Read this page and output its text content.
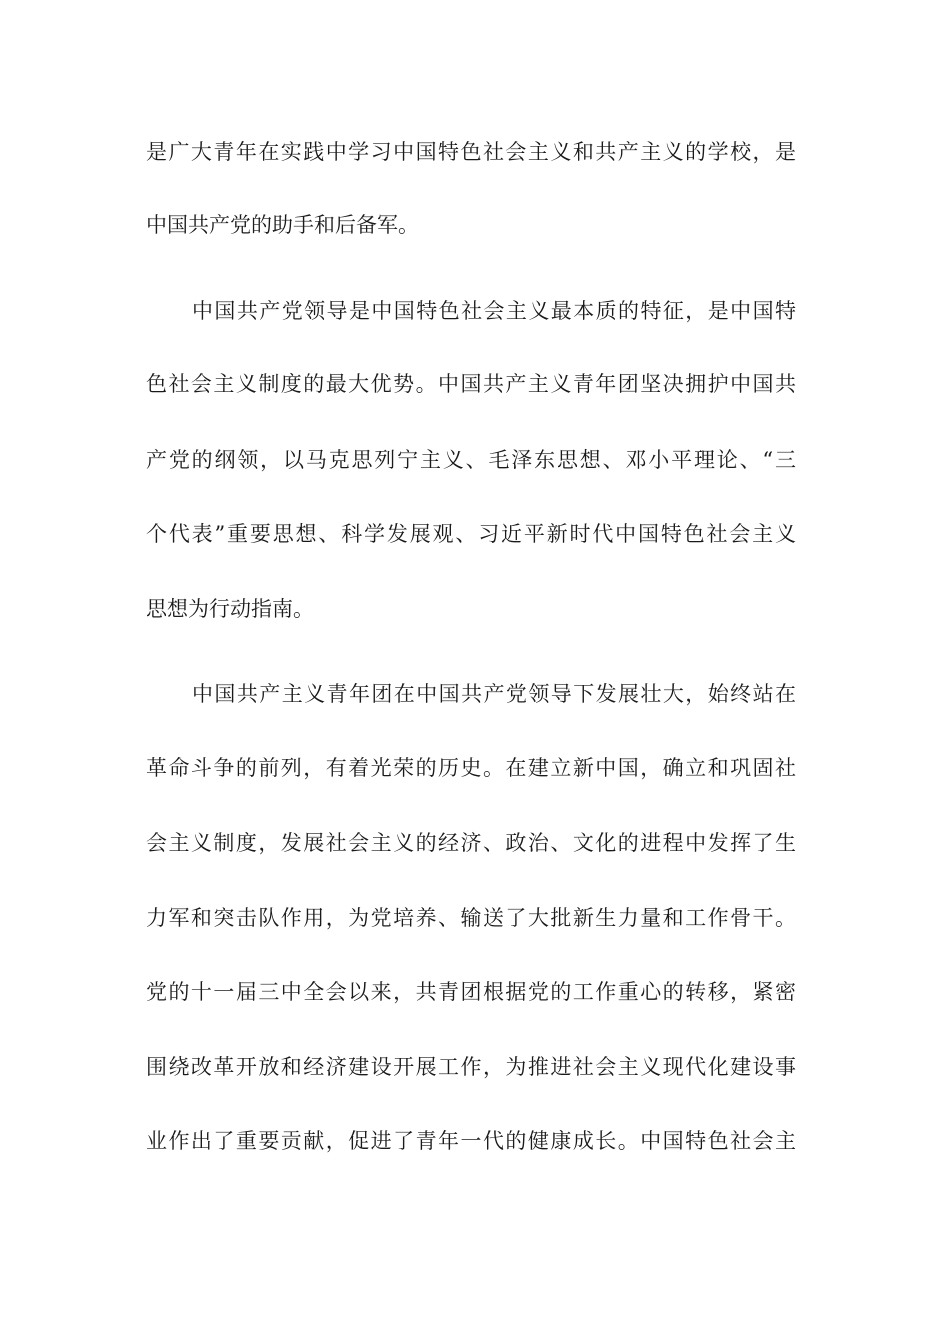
是广大青年在实践中学习中国特色社会主义和共产主义的学校，是
中国共产党的助手和后备军。
中国共产党领导是中国特色社会主义最本质的特征，是中国特
色社会主义制度的最大优势。中国共产主义青年团坚决拥护中国共
产党的纲领，以马克思列宁主义、毛泽东思想、邓小平理论、“三
个代表”重要思想、科学发展观、习近平新时代中国特色社会主义
思想为行动指南。
中国共产主义青年团在中国共产党领导下发展壮大，始终站在
革命斗争的前列，有着光荣的历史。在建立新中国，确立和巩固社
会主义制度，发展社会主义的经济、政治、文化的进程中发挥了生
力军和突击队作用，为党培养、输送了大批新生力量和工作骨干。
党的十一届三中全会以来，共青团根据党的工作重心的转移，紧密
围绕改革开放和经济建设开展工作，为推进社会主义现代化建设事
业作出了重要贡献，促进了青年一代的健康成长。中国特色社会主
